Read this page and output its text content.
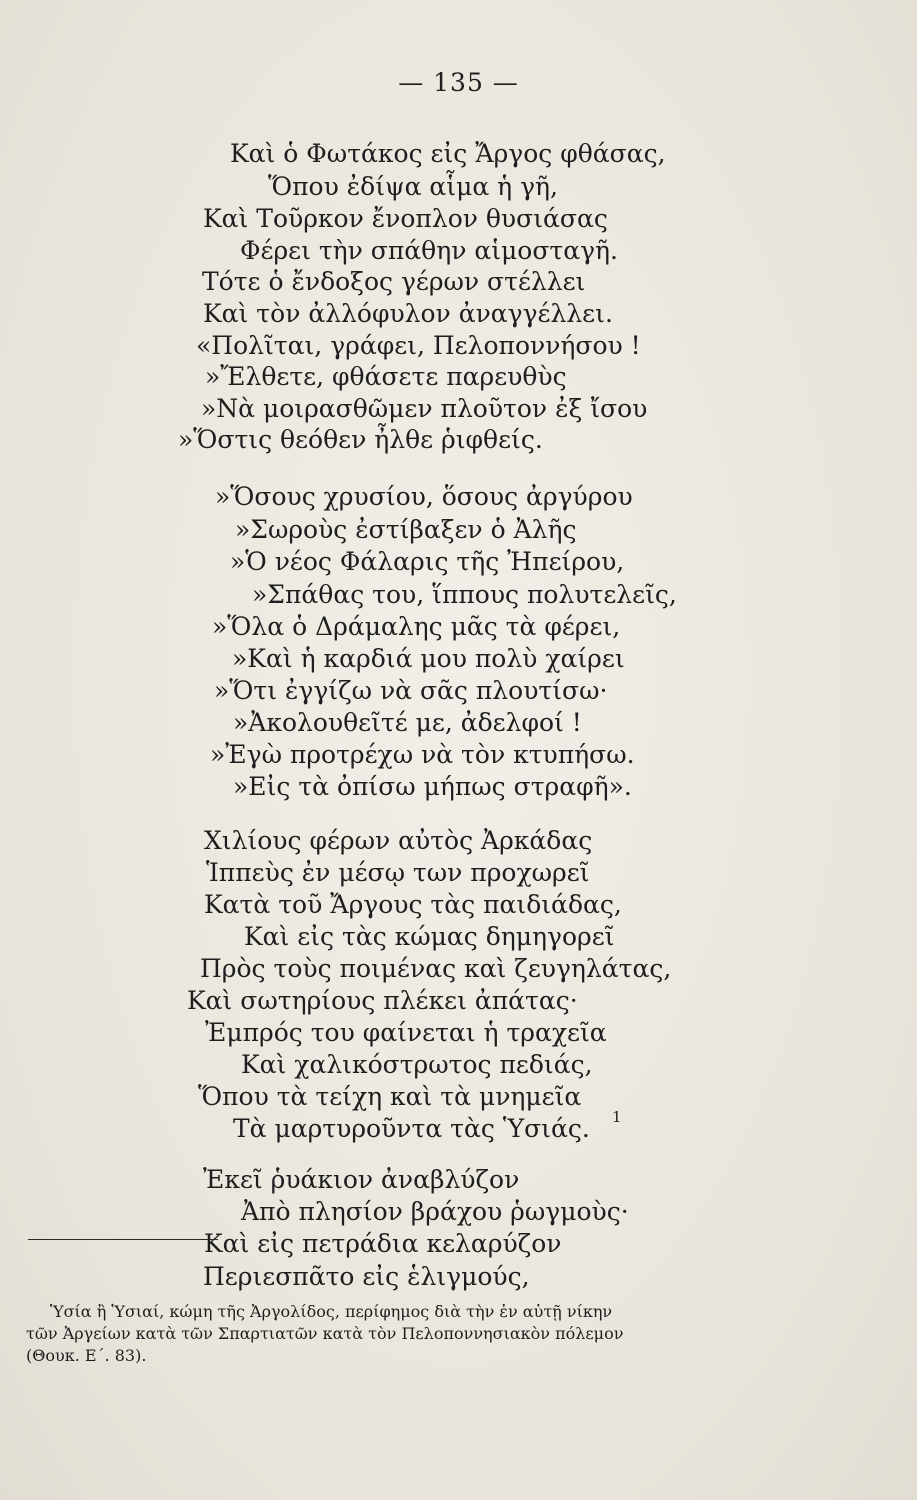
— 135 —
Καὶ ὁ Φωτάκος εἰς Ἄργος φθάσας,
Ὅπου ἐδίψα αἷμα ἡ γῆ,
Καὶ Τοῦρκον ἔνοπλον θυσιάσας
Φέρει τὴν σπάθην αἱμοσταγῆ.
Τότε ὁ ἔνδοξος γέρων στέλλει
Καὶ τὸν ἀλλόφυλον ἀναγγέλλει.
«Πολῖται, γράφει, Πελοποννήσου !
»Ἔλθετε, φθάσετε παρευθὺς
»Νὰ μοιρασθῶμεν πλοῦτον ἐξ ἴσου
»Ὅστις θεόθεν ἦλθε ῥιφθείς.
»Ὅσους χρυσίου, ὅσους ἀργύρου
»Σωροὺς ἐστίβαξεν ὁ Ἀλῆς
»Ὁ νέος Φάλαρις τῆς Ἠπείρου,
»Σπάθας του, ἵππους πολυτελεῖς,
»Ὅλα ὁ Δράμαλης μᾶς τὰ φέρει,
»Καὶ ἡ καρδιά μου πολὺ χαίρει
»Ὅτι ἐγγίζω νὰ σᾶς πλουτίσω·
»Ἀκολουθεῖτέ με, ἀδελφοί !
»Ἐγὼ προτρέχω νὰ τὸν κτυπήσω.
»Εἰς τὰ ὀπίσω μήπως στραφῆ».
Χιλίους φέρων αὐτὸς Ἀρκάδας
Ἱππεὺς ἐν μέσῳ των προχωρεῖ
Κατὰ τοῦ Ἄργους τὰς παιδιάδας,
Καὶ εἰς τὰς κώμας δημηγορεῖ
Πρὸς τοὺς ποιμένας καὶ ζευγηλάτας,
Καὶ σωτηρίους πλέκει ἀπάτας·
Ἐμπρός του φαίνεται ἡ τραχεῖα
Καὶ χαλικόστρωτος πεδιάς,
Ὅπου τὰ τείχη καὶ τὰ μνημεῖα
Τὰ μαρτυροῦντα τὰς Ὑσιάς. 1
Ἐκεῖ ῥυάκιον ἀναβλύζον
Ἀπὸ πλησίον βράχου ῥωγμοὺς·
Καὶ εἰς πετράδια κελαρύζον
Περιεσπᾶτο εἰς ἑλιγμούς,
Ὑσία ἢ Ὑσιαί, κώμη τῆς Ἀργολίδος, περίφημος διὰ τὴν ἐν αὐτῇ νίκην
τῶν Ἀργείων κατὰ τῶν Σπαρτιατῶν κατὰ τὸν Πελοποννησιακὸν πόλεμον
(Θουκ. Ε΄. 83).
